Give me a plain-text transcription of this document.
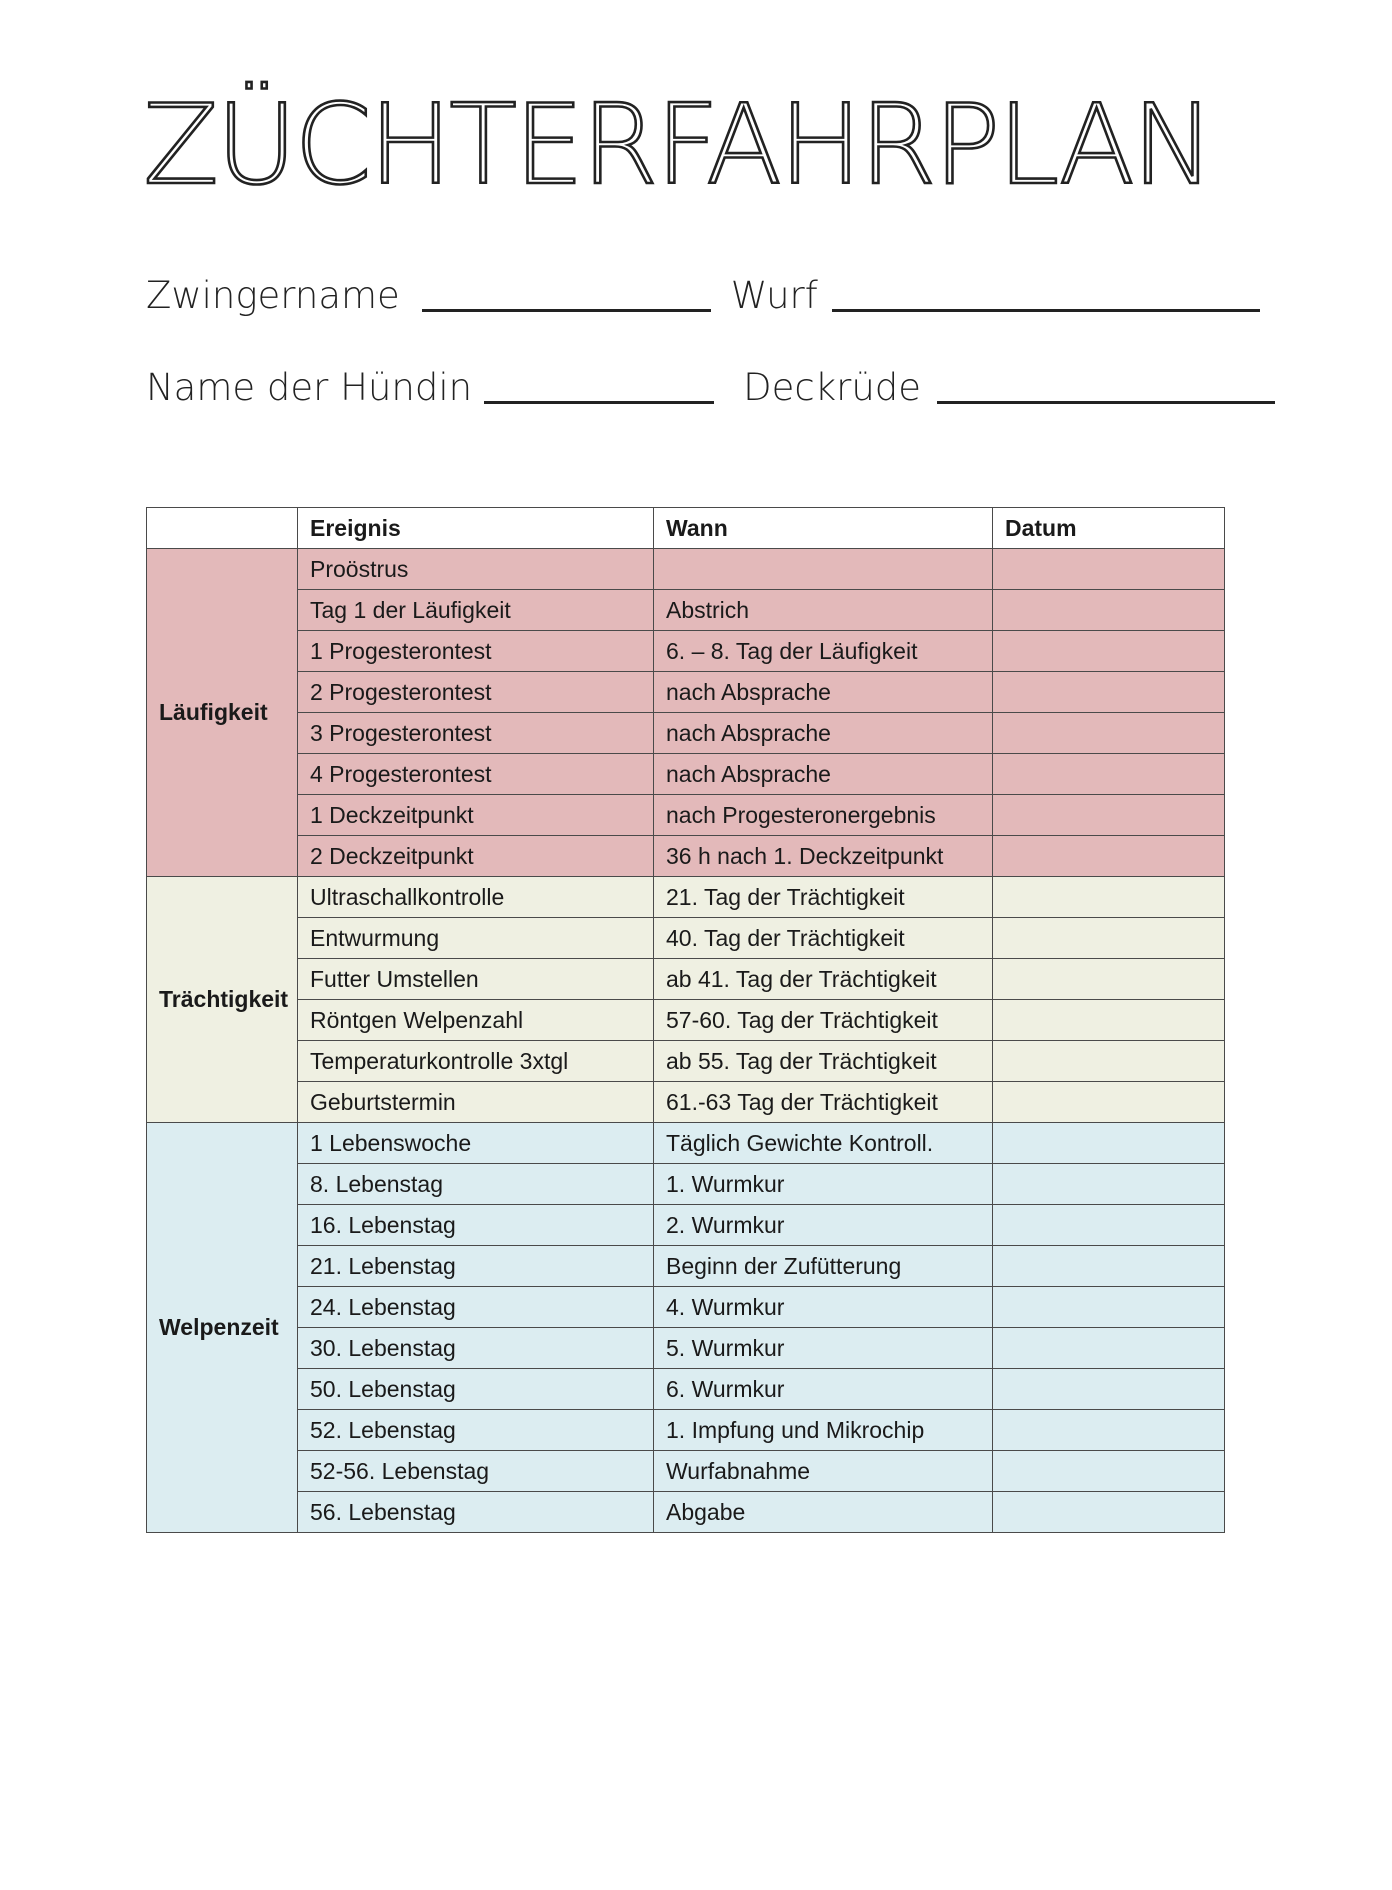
ZÜCHTERFAHRPLAN
Zwingername	Wurf
Name der Hündin	Deckrüde
	Ereignis	Wann	Datum
Läufigkeit	Proöstrus		
	Tag 1 der Läufigkeit	Abstrich	
	1 Progesterontest	6. – 8. Tag der Läufigkeit	
	2 Progesterontest	nach Absprache	
	3 Progesterontest	nach Absprache	
	4 Progesterontest	nach Absprache	
	1 Deckzeitpunkt	nach Progesteronergebnis	
	2 Deckzeitpunkt	36 h nach 1. Deckzeitpunkt	
Trächtigkeit	Ultraschallkontrolle	21. Tag der Trächtigkeit	
	Entwurmung	40. Tag der Trächtigkeit	
	Futter Umstellen	ab 41. Tag der Trächtigkeit	
	Röntgen Welpenzahl	57-60. Tag der Trächtigkeit	
	Temperaturkontrolle 3xtgl	ab 55. Tag der Trächtigkeit	
	Geburtstermin	61.-63 Tag der Trächtigkeit	
Welpenzeit	1 Lebenswoche	Täglich Gewichte Kontroll.	
	8. Lebenstag	1. Wurmkur	
	16. Lebenstag	2. Wurmkur	
	21. Lebenstag	Beginn der Zufütterung	
	24. Lebenstag	4. Wurmkur	
	30. Lebenstag	5. Wurmkur	
	50. Lebenstag	6. Wurmkur	
	52. Lebenstag	1. Impfung und Mikrochip	
	52-56. Lebenstag	Wurfabnahme	
	56. Lebenstag	Abgabe	
